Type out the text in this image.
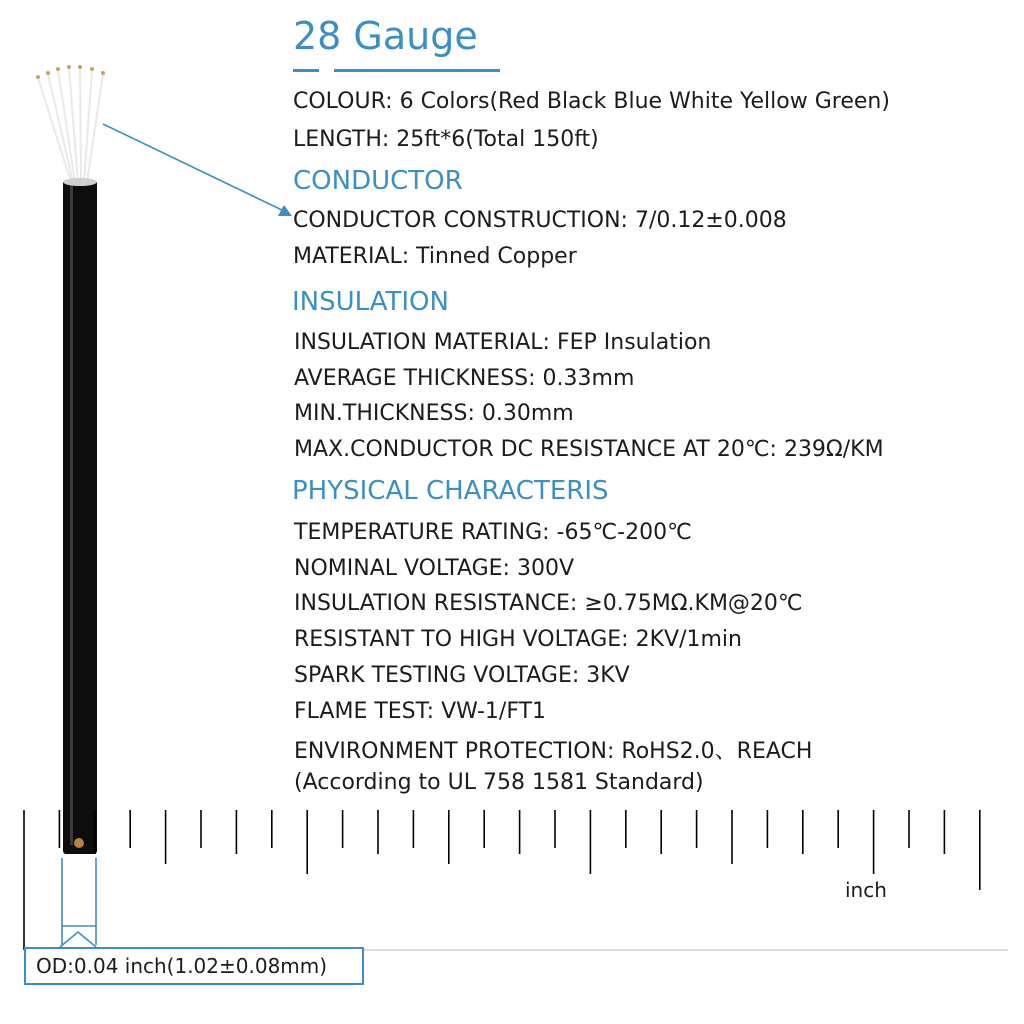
28 Gauge
COLOUR: 6 Colors(Red Black Blue White Yellow Green)
LENGTH: 25ft*6(Total 150ft)
CONDUCTOR
CONDUCTOR CONSTRUCTION: 7/0.12±0.008
MATERIAL: Tinned Copper
INSULATION
INSULATION MATERIAL: FEP Insulation
AVERAGE THICKNESS: 0.33mm
MIN.THICKNESS: 0.30mm
MAX.CONDUCTOR DC RESISTANCE AT 20℃: 239Ω/KM
PHYSICAL CHARACTERIS
TEMPERATURE RATING: -65℃-200℃
NOMINAL VOLTAGE: 300V
INSULATION RESISTANCE: ≥0.75MΩ.KM@20℃
RESISTANT TO HIGH VOLTAGE: 2KV/1min
SPARK TESTING VOLTAGE: 3KV
FLAME TEST: VW-1/FT1
ENVIRONMENT PROTECTION: RoHS2.0、REACH
(According to UL 758 1581 Standard)
inch
OD:0.04 inch(1.02±0.08mm)
